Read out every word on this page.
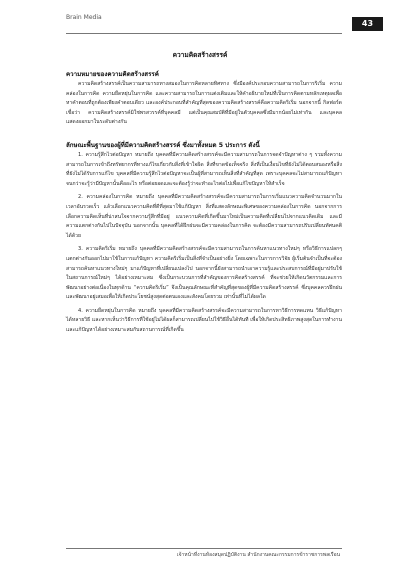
Brain Media
43
ความคิดสร้างสรรค์
ความหมายของความคิดสร้างสรรค์

ความคิดสร้างสรรค์เป็นความสามารถทางสมองในการคิดหลายทิศทาง ซึ่งมีองค์ประกอบความสามารถในการริเริ่ม ความคล่องในการคิด ความยืดหยุ่นในการคิด และความสามารถในการแต่งเติมและให้คำอธิบายใหม่ที่เป็นการคิดตามหลักเหตุผลเพื่อหาคำตอบที่ถูกต้องเพียงคำตอบเดียว และองค์ประกอบที่สำคัญที่สุดของความคิดสร้างสรรค์คือความคิดริเริ่ม นอกจากนี้ กิลฟอร์ดเชื่อว่า ความคิดสร้างสรรค์มิใช่พรสวรรค์ที่บุคคลมี แต่เป็นคุณสมบัติที่มีอยู่ในตัวบุคคลซึ่งมีมากน้อยไม่เท่ากัน และบุคคลแสดงออกมาในระดับต่างกัน

ลักษณะพื้นฐานของผู้ที่มีความคิดสร้างสรรค์ ซึ่งมาทั้งหมด 5 ประการ ดังนี้

1. ความรู้สึกไวต่อปัญหา หมายถึง บุคคลที่มีความคิดสร้างสรรค์จะมีความสามารถในการจดจำปัญหาต่าง ๆ รวมทั้งความสามารถในการเข้าถึงทรัพยากรที่ทางแก้ไขเกี่ยวกับสิ่งที่เข้าใจผิด สิ่งที่ขาดข้อเท็จจริง สิ่งที่เป็นเงื่อนไขที่ยังไม่ได้ตอบสนองหรือสิ่งที่ยังไม่ได้รับการแก้ไข บุคคลที่มีความรู้สึกไวต่อปัญหาจะเป็นผู้ที่สามารถเห็นสิ่งที่สำคัญที่สุด เพราะบุคคลจะไม่สามารถแก้ปัญหาจนกว่าจะรู้ว่ามีปัญหานั้นคืออะไร หรือต่อยอดและจะต้องรู้ว่าจะทำอะไรต่อไปเพื่อแก้ไขปัญหาให้สำเร็จ

2. ความคล่องในการคิด หมายถึง บุคคลที่มีความคิดสร้างสรรค์จะมีความสามารถในการเริ่มแนวความคิดจำนวนมากในเวลาอันรวดเร็ว แล้วเลือกแนวความคิดที่ดีที่สุดมาใช้แก้ปัญหา สิ่งที่แสดงลักษณะพิเศษของความคล่องในการคิด นอกจากการเลือกความคิดเห็นที่น่าสนใจจากความรู้สึกที่มีอยู่ แนวความคิดที่เกิดขึ้นมาใหม่เป็นความคิดที่เปลี่ยนไปจากแนวคิดเดิม และมีความแตกต่างกันไปในปัจจุบัน นอกจากนั้น บุคคลที่ได้ฝึกฝนจะมีความคล่องในการคิด จะต้องมีความสามารถปรับเปลี่ยนทัศนคติได้ด้วย

3. ความคิดริเริ่ม หมายถึง บุคคลที่มีความคิดสร้างสรรค์จะมีความสามารถในการค้นหาแนวทางใหม่ๆ หรือวิธีการแปลกๆ แตกต่างกันออกไปมาใช้ในการแก้ปัญหา ความคิดริเริ่มเป็นสิ่งที่จำเป็นอย่างยิ่ง โดยเฉพาะในการการวิจัย ผู้เริ่มต้นจำเป็นที่จะต้องสามารถค้นหาแนวทางใหม่ๆ มาแก้ปัญหาที่เปลี่ยนแปลงไป นอกจากนี้ยังสามารถนำเอาความรู้และประสบการณ์ที่มีอยู่มาปรับใช้ในสถานการณ์ใหม่ๆ ได้อย่างเหมาะสม ซึ่งเป็นกระบวนการที่สำคัญของการคิดสร้างสรรค์ ที่จะช่วยให้เกิดนวัตกรรมและการพัฒนาอย่างต่อเนื่องในทุกด้าน “ความคิดริเริ่ม” จึงเป็นคุณลักษณะที่สำคัญที่สุดของผู้ที่มีความคิดสร้างสรรค์ ซึ่งบุคคลควรฝึกฝนและพัฒนาอยู่เสมอเพื่อให้เกิดประโยชน์สูงสุดต่อตนเองและสังคมโดยรวม เท่านั้นที่ไม่ได้ผลใด

4. ความยืดหยุ่นในการคิด หมายถึง บุคคลที่มีความคิดสร้างสรรค์จะมีความสามารถในการหาวิธีการทดแทน วิธีแก้ปัญหาได้หลายวิธี และหากเห็นว่าวิธีการที่ใช้อยู่ไม่ได้ผลก็สามารถเปลี่ยนไปใช้วิธีอื่นได้ทันที เพื่อให้เกิดประสิทธิภาพสูงสุดในการทำงาน และแก้ปัญหาได้อย่างเหมาะสมกับสถานการณ์ที่เกิดขึ้น

เจ้าหน้าที่งานห้องสมุดปฏิบัติงาน สำนักงานคณะกรรมการข้าราชการพลเรือน
